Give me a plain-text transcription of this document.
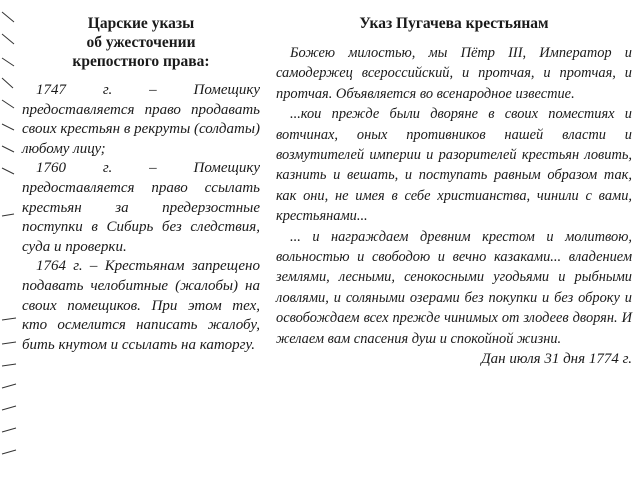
Царские указы
об ужесточении
крепостного права:

1747 г. – Помещику предоставляется право продавать своих крестьян в рекруты (солдаты) любому лицу;

1760 г. – Помещику предоставляется право ссылать крестьян за предерзостные поступки в Сибирь без следствия, суда и проверки.

1764 г. – Крестьянам запрещено подавать челобитные (жалобы) на своих помещиков. При этом тех, кто осмелится написать жалобу, бить кнутом и ссылать на каторгу.

Указ Пугачева крестьянам

Божею милостью, мы Пётр III, Император и самодержец всероссийский, и протчая, и протчая, и протчая. Объявляется во всенародное известие.

...кои прежде были дворяне в своих поместиях и вотчинах, оных противников нашей власти и возмутителей империи и разорителей крестьян ловить, казнить и вешать, и поступать равным образом так, как они, не имея в себе христианства, чинили с вами, крестьянами...

... и награждаем древним крестом и молитвою, вольностью и свободою и вечно казаками... владением землями, лесными, сенокосными угодьями и рыбными ловлями, и соляными озерами без покупки и без оброку и освобождаем всех прежде чинимых от злодеев дворян. И желаем вам спасения душ и спокойной жизни.

Дан июля 31 дня 1774 г.
